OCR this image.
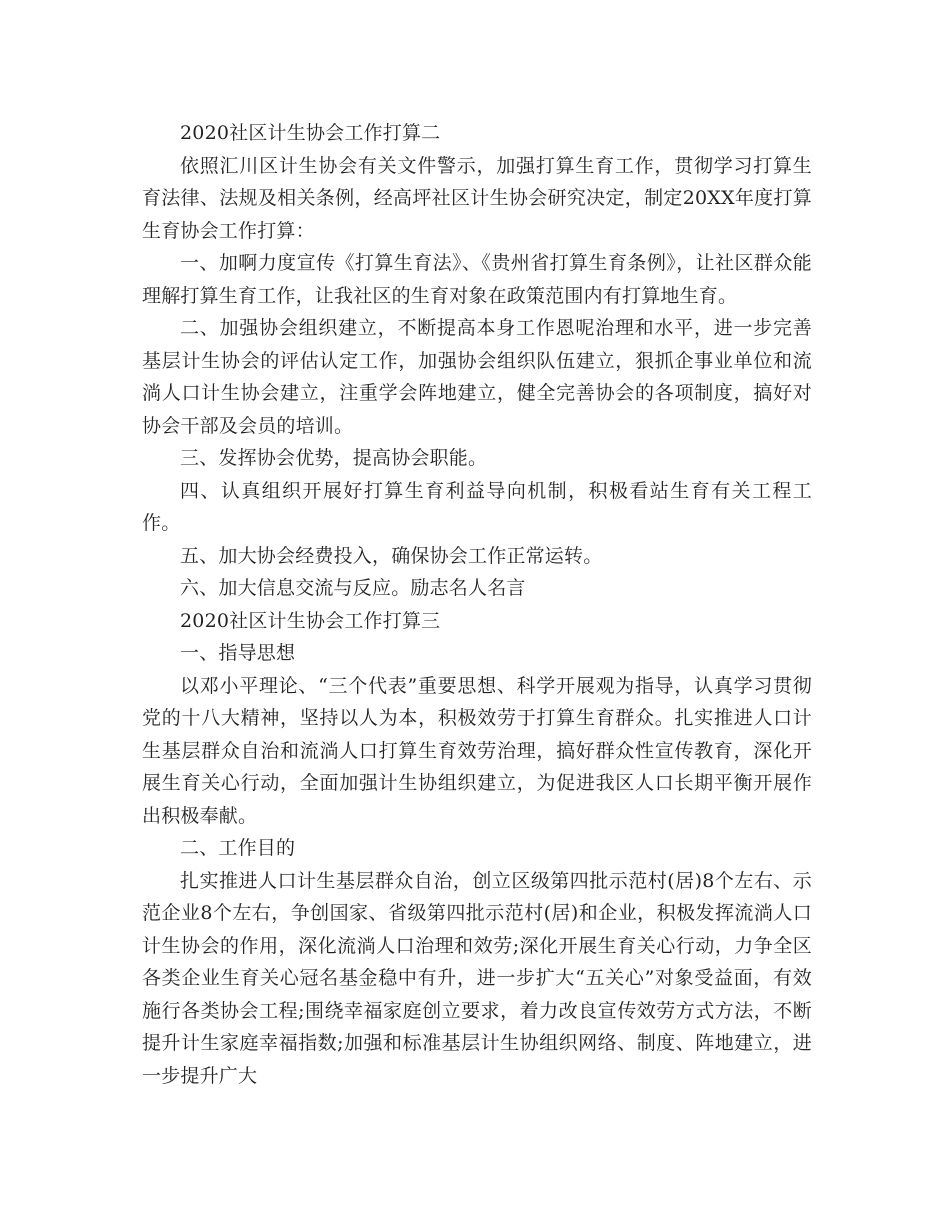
2020社区计生协会工作打算二

依照汇川区计生协会有关文件警示，加强打算生育工作，贯彻学习打算生育法律、法规及相关条例，经高坪社区计生协会研究决定，制定20XX年度打算生育协会工作打算：

一、加啊力度宣传《打算生育法》、《贵州省打算生育条例》，让社区群众能理解打算生育工作，让我社区的生育对象在政策范围内有打算地生育。

二、加强协会组织建立，不断提高本身工作恩呢治理和水平，进一步完善基层计生协会的评估认定工作，加强协会组织队伍建立，狠抓企事业单位和流淌人口计生协会建立，注重学会阵地建立，健全完善协会的各项制度，搞好对协会干部及会员的培训。

三、发挥协会优势，提高协会职能。

四、认真组织开展好打算生育利益导向机制，积极看站生育有关工程工作。

五、加大协会经费投入，确保协会工作正常运转。

六、加大信息交流与反应。励志名人名言

2020社区计生协会工作打算三

一、指导思想

以邓小平理论、“三个代表”重要思想、科学开展观为指导，认真学习贯彻党的十八大精神，坚持以人为本，积极效劳于打算生育群众。扎实推进人口计生基层群众自治和流淌人口打算生育效劳治理，搞好群众性宣传教育，深化开展生育关心行动，全面加强计生协组织建立，为促进我区人口长期平衡开展作出积极奉献。

二、工作目的

扎实推进人口计生基层群众自治，创立区级第四批示范村(居)8个左右、示范企业8个左右，争创国家、省级第四批示范村(居)和企业，积极发挥流淌人口计生协会的作用，深化流淌人口治理和效劳;深化开展生育关心行动，力争全区各类企业生育关心冠名基金稳中有升，进一步扩大“五关心”对象受益面，有效施行各类协会工程;围绕幸福家庭创立要求，着力改良宣传效劳方式方法，不断提升计生家庭幸福指数;加强和标准基层计生协组织网络、制度、阵地建立，进一步提升广大
